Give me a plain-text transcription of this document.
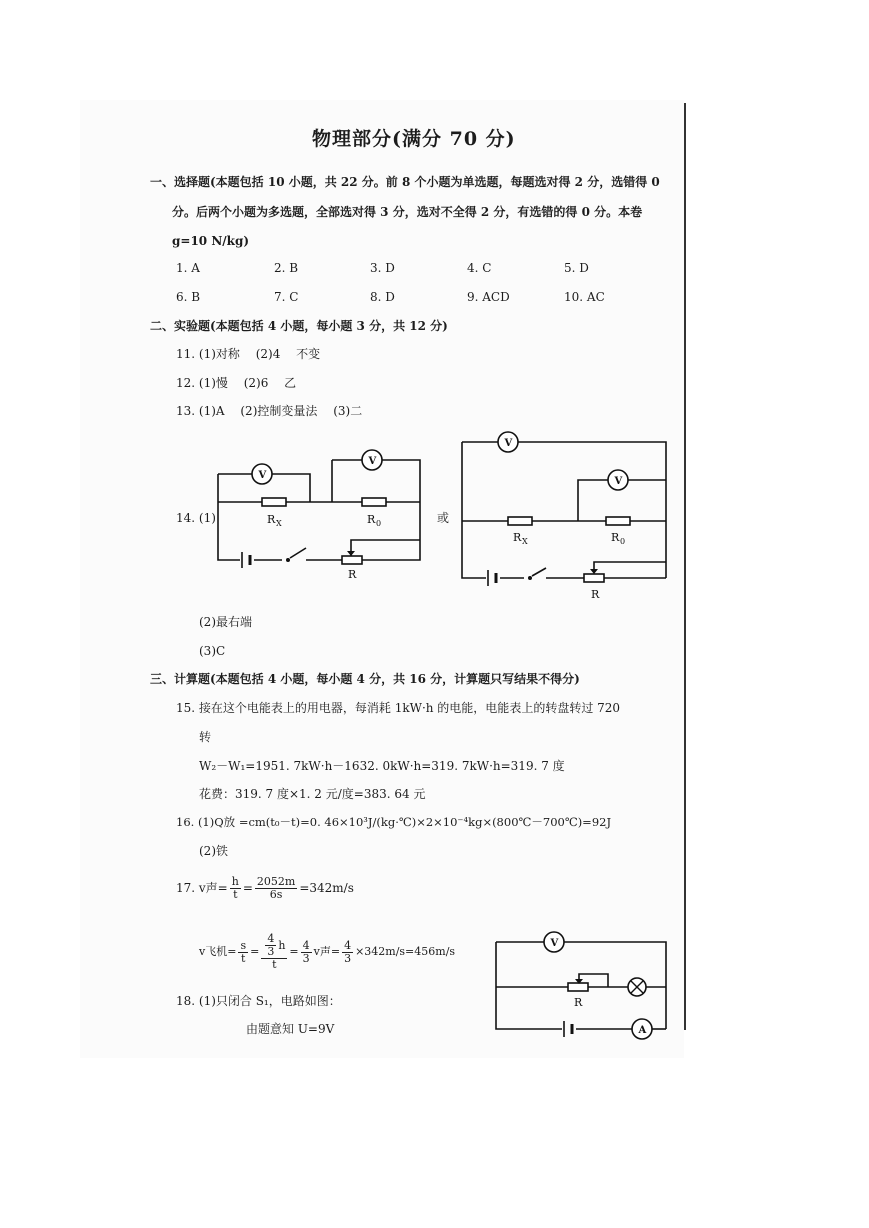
物理部分(满分 70 分)
一、选择题(本题包括 10 小题，共 22 分。前 8 个小题为单选题，每题选对得 2 分，选错得 0
分。后两个小题为多选题，全部选对得 3 分，选对不全得 2 分，有选错的得 0 分。本卷
g=10 N/kg)
1. A	2. B	3. D	4. C	5. D
6. B	7. C	8. D	9. ACD	10. AC
二、实验题(本题包括 4 小题，每小题 3 分，共 12 分)
11. (1)对称　 (2)4　 不变
12. (1)慢　 (2)6　 乙
13. (1)A　 (2)控制变量法　 (3)二
14. (1)
V
V
R X	R 0
R
或
V
V
R X	R 0
R
(2)最右端
(3)C
三、计算题(本题包括 4 小题，每小题 4 分，共 16 分，计算题只写结果不得分)
15. 接在这个电能表上的用电器，每消耗 1kW·h 的电能，电能表上的转盘转过 720
转
W₂－W₁=1951. 7kW·h－1632. 0kW·h=319. 7kW·h=319. 7 度
花费：319. 7 度×1. 2 元/度=383. 64 元
16. (1)Q放 =cm(t₀－t)=0. 46×10³J/(kg·℃)×2×10⁻⁴kg×(800℃－700℃)=92J
(2)铁
17. v声= $\frac{h}{t} = \frac{2052m}{6s} =342m/s$
v飞机= $\frac{s}{t} = \frac{\frac{4}{3} h}{t} = \frac{4}{3}$ v声= $\frac{4}{3} \times 342m/s=456m/s$
18. (1)只闭合 S₁，电路如图：
由题意知 U=9V
V
R
A
